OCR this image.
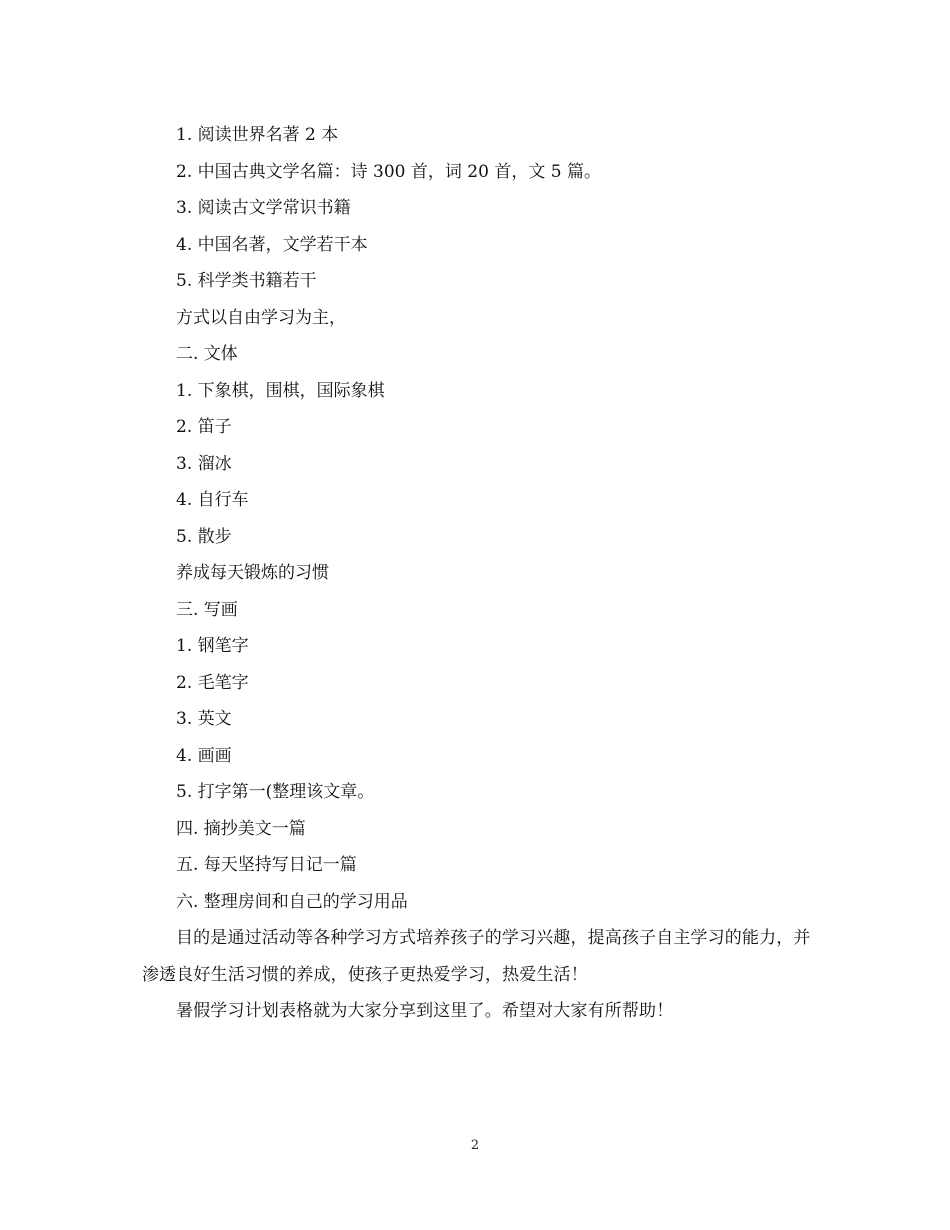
1. 阅读世界名著 2 本
2. 中国古典文学名篇：诗 300 首，词 20 首，文 5 篇。
3. 阅读古文学常识书籍
4. 中国名著，文学若干本
5. 科学类书籍若干
方式以自由学习为主，
二. 文体
1. 下象棋，围棋，国际象棋
2. 笛子
3. 溜冰
4. 自行车
5. 散步
养成每天锻炼的习惯
三. 写画
1. 钢笔字
2. 毛笔字
3. 英文
4. 画画
5. 打字第一(整理该文章。
四. 摘抄美文一篇
五. 每天坚持写日记一篇
六. 整理房间和自己的学习用品

目的是通过活动等各种学习方式培养孩子的学习兴趣，提高孩子自主学习的能力，并渗透良好生活习惯的养成，使孩子更热爱学习，热爱生活！

暑假学习计划表格就为大家分享到这里了。希望对大家有所帮助！

2
